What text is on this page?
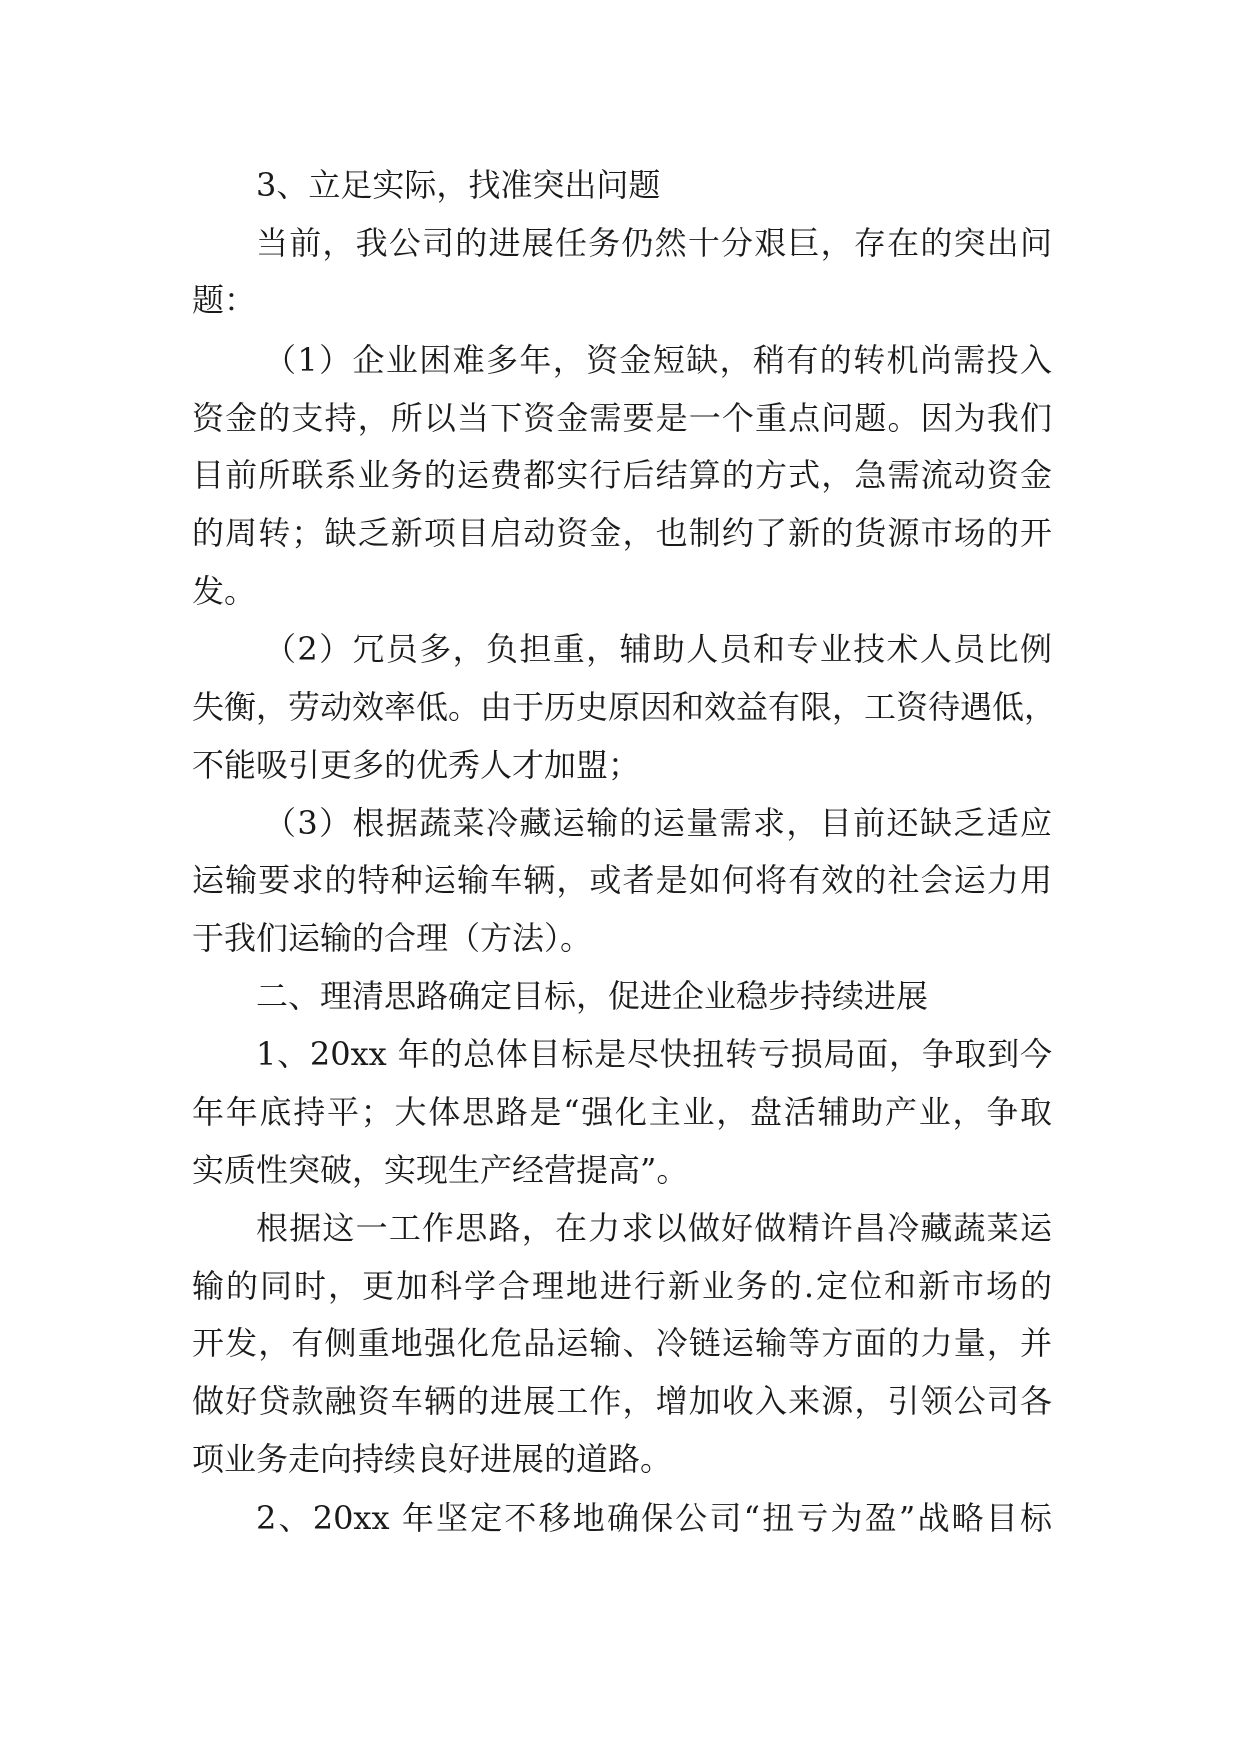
3、立足实际，找准突出问题
当前，我公司的进展任务仍然十分艰巨，存在的突出问
题：
（1）企业困难多年，资金短缺，稍有的转机尚需投入
资金的支持，所以当下资金需要是一个重点问题。因为我们
目前所联系业务的运费都实行后结算的方式，急需流动资金
的周转；缺乏新项目启动资金，也制约了新的货源市场的开
发。
（2）冗员多，负担重，辅助人员和专业技术人员比例
失衡，劳动效率低。由于历史原因和效益有限，工资待遇低，
不能吸引更多的优秀人才加盟；
（3）根据蔬菜冷藏运输的运量需求，目前还缺乏适应
运输要求的特种运输车辆，或者是如何将有效的社会运力用
于我们运输的合理（方法）。
二、理清思路确定目标，促进企业稳步持续进展
1、20xx 年的总体目标是尽快扭转亏损局面，争取到今
年年底持平；大体思路是“强化主业，盘活辅助产业，争取
实质性突破，实现生产经营提高”。
根据这一工作思路，在力求以做好做精许昌冷藏蔬菜运
输的同时，更加科学合理地进行新业务的.定位和新市场的
开发，有侧重地强化危品运输、冷链运输等方面的力量，并
做好贷款融资车辆的进展工作，增加收入来源，引领公司各
项业务走向持续良好进展的道路。
2、20xx 年坚定不移地确保公司“扭亏为盈”战略目标
